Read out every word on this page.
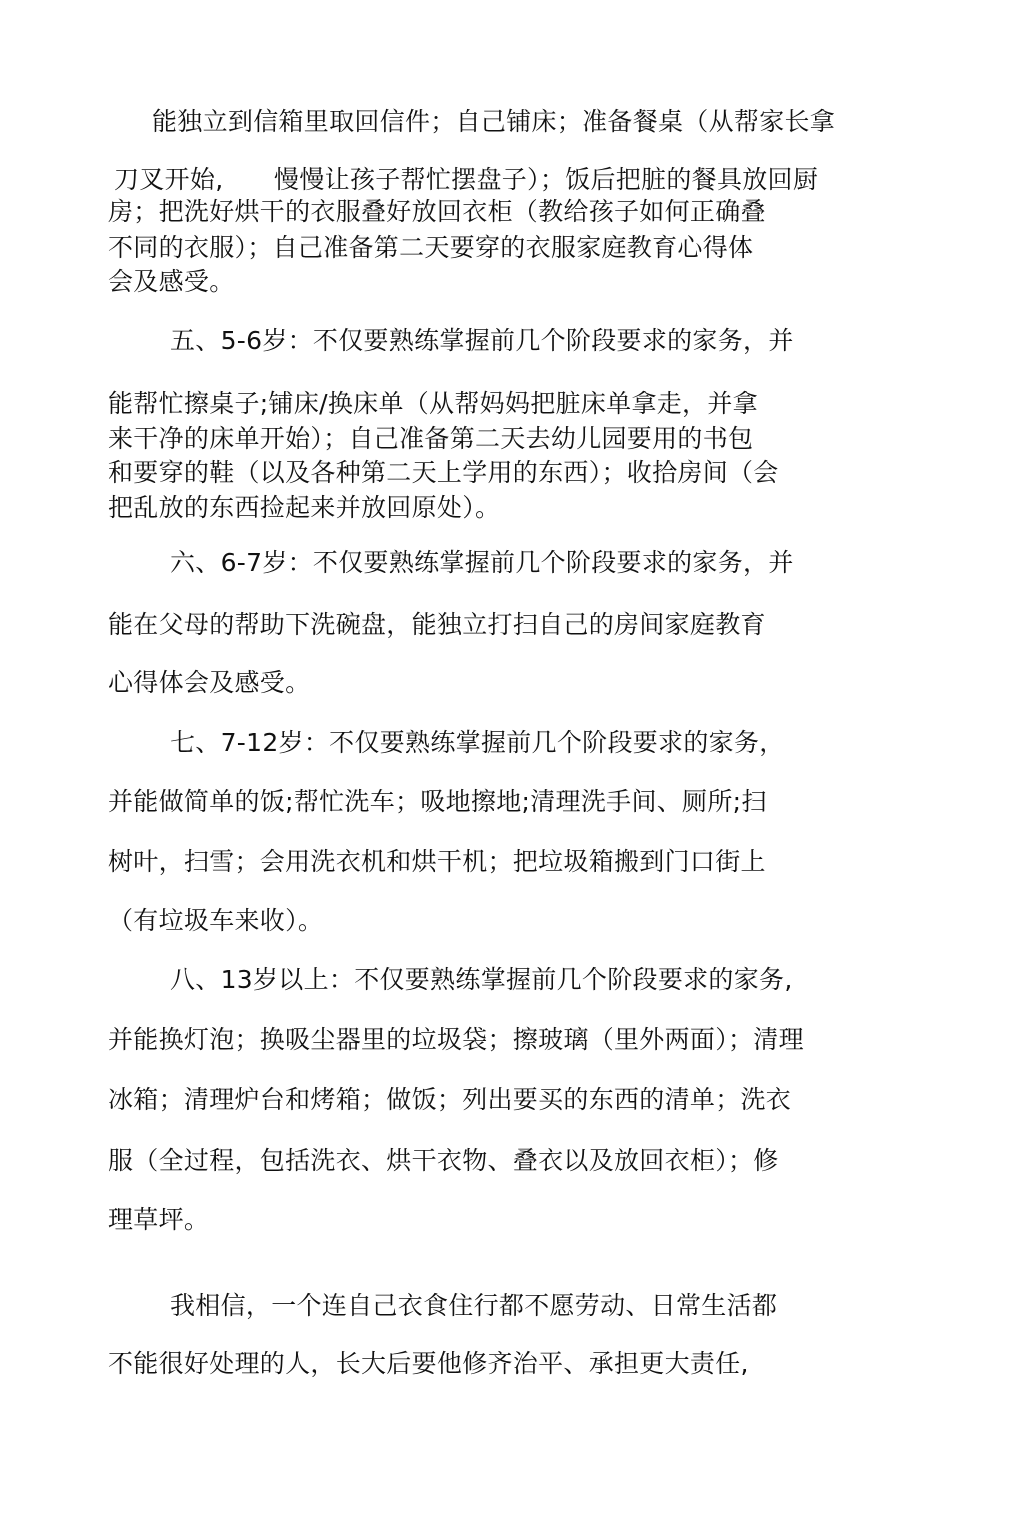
能独立到信箱里取回信件；自己铺床；准备餐桌（从帮家长拿
刀叉开始,　　慢慢让孩子帮忙摆盘子）；饭后把脏的餐具放回厨
房；把洗好烘干的衣服叠好放回衣柜（教给孩子如何正确叠
不同的衣服）；自己准备第二天要穿的衣服家庭教育心得体
会及感受。
五、5-6岁：不仅要熟练掌握前几个阶段要求的家务，并
能帮忙擦桌子;铺床/换床单（从帮妈妈把脏床单拿走，并拿
来干净的床单开始）；自己准备第二天去幼儿园要用的书包
和要穿的鞋（以及各种第二天上学用的东西）；收拾房间（会
把乱放的东西捡起来并放回原处）。
六、6-7岁：不仅要熟练掌握前几个阶段要求的家务，并
能在父母的帮助下洗碗盘，能独立打扫自己的房间家庭教育
心得体会及感受。
七、7-12岁：不仅要熟练掌握前几个阶段要求的家务，
并能做简单的饭;帮忙洗车；吸地擦地;清理洗手间、厕所;扫
树叶，扫雪；会用洗衣机和烘干机；把垃圾箱搬到门口街上
（有垃圾车来收）。
八、13岁以上：不仅要熟练掌握前几个阶段要求的家务,
并能换灯泡；换吸尘器里的垃圾袋；擦玻璃（里外两面）；清理
冰箱；清理炉台和烤箱；做饭；列出要买的东西的清单；洗衣
服（全过程，包括洗衣、烘干衣物、叠衣以及放回衣柜）；修
理草坪。
我相信，一个连自己衣食住行都不愿劳动、日常生活都
不能很好处理的人，长大后要他修齐治平、承担更大责任,
